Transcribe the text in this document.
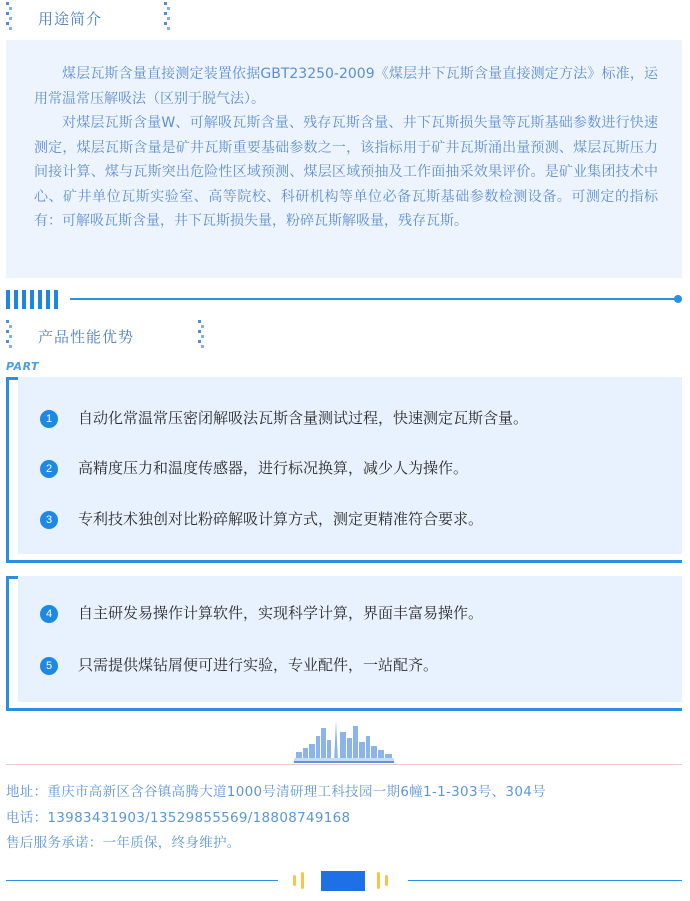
用途简介

煤层瓦斯含量直接测定装置依据GBT23250-2009《煤层井下瓦斯含量直接测定方法》标准，运用常温常压解吸法（区别于脱气法）。

对煤层瓦斯含量W、可解吸瓦斯含量、残存瓦斯含量、井下瓦斯损失量等瓦斯基础参数进行快速测定，煤层瓦斯含量是矿井瓦斯重要基础参数之一，该指标用于矿井瓦斯涌出量预测、煤层瓦斯压力间接计算、煤与瓦斯突出危险性区域预测、煤层区域预抽及工作面抽采效果评价。是矿业集团技术中心、矿井单位瓦斯实验室、高等院校、科研机构等单位必备瓦斯基础参数检测设备。可测定的指标有：可解吸瓦斯含量，井下瓦斯损失量，粉碎瓦斯解吸量，残存瓦斯。

产品性能优势
PART
1	自动化常温常压密闭解吸法瓦斯含量测试过程，快速测定瓦斯含量。
2	高精度压力和温度传感器，进行标况换算，减少人为操作。
3	专利技术独创对比粉碎解吸计算方式，测定更精准符合要求。
4	自主研发易操作计算软件，实现科学计算，界面丰富易操作。
5	只需提供煤钻屑便可进行实验，专业配件，一站配齐。
地址：重庆市高新区含谷镇高腾大道1000号清研理工科技园一期6幢1-1-303号、304号
电话：13983431903/13529855569/18808749168
售后服务承诺：一年质保，终身维护。
